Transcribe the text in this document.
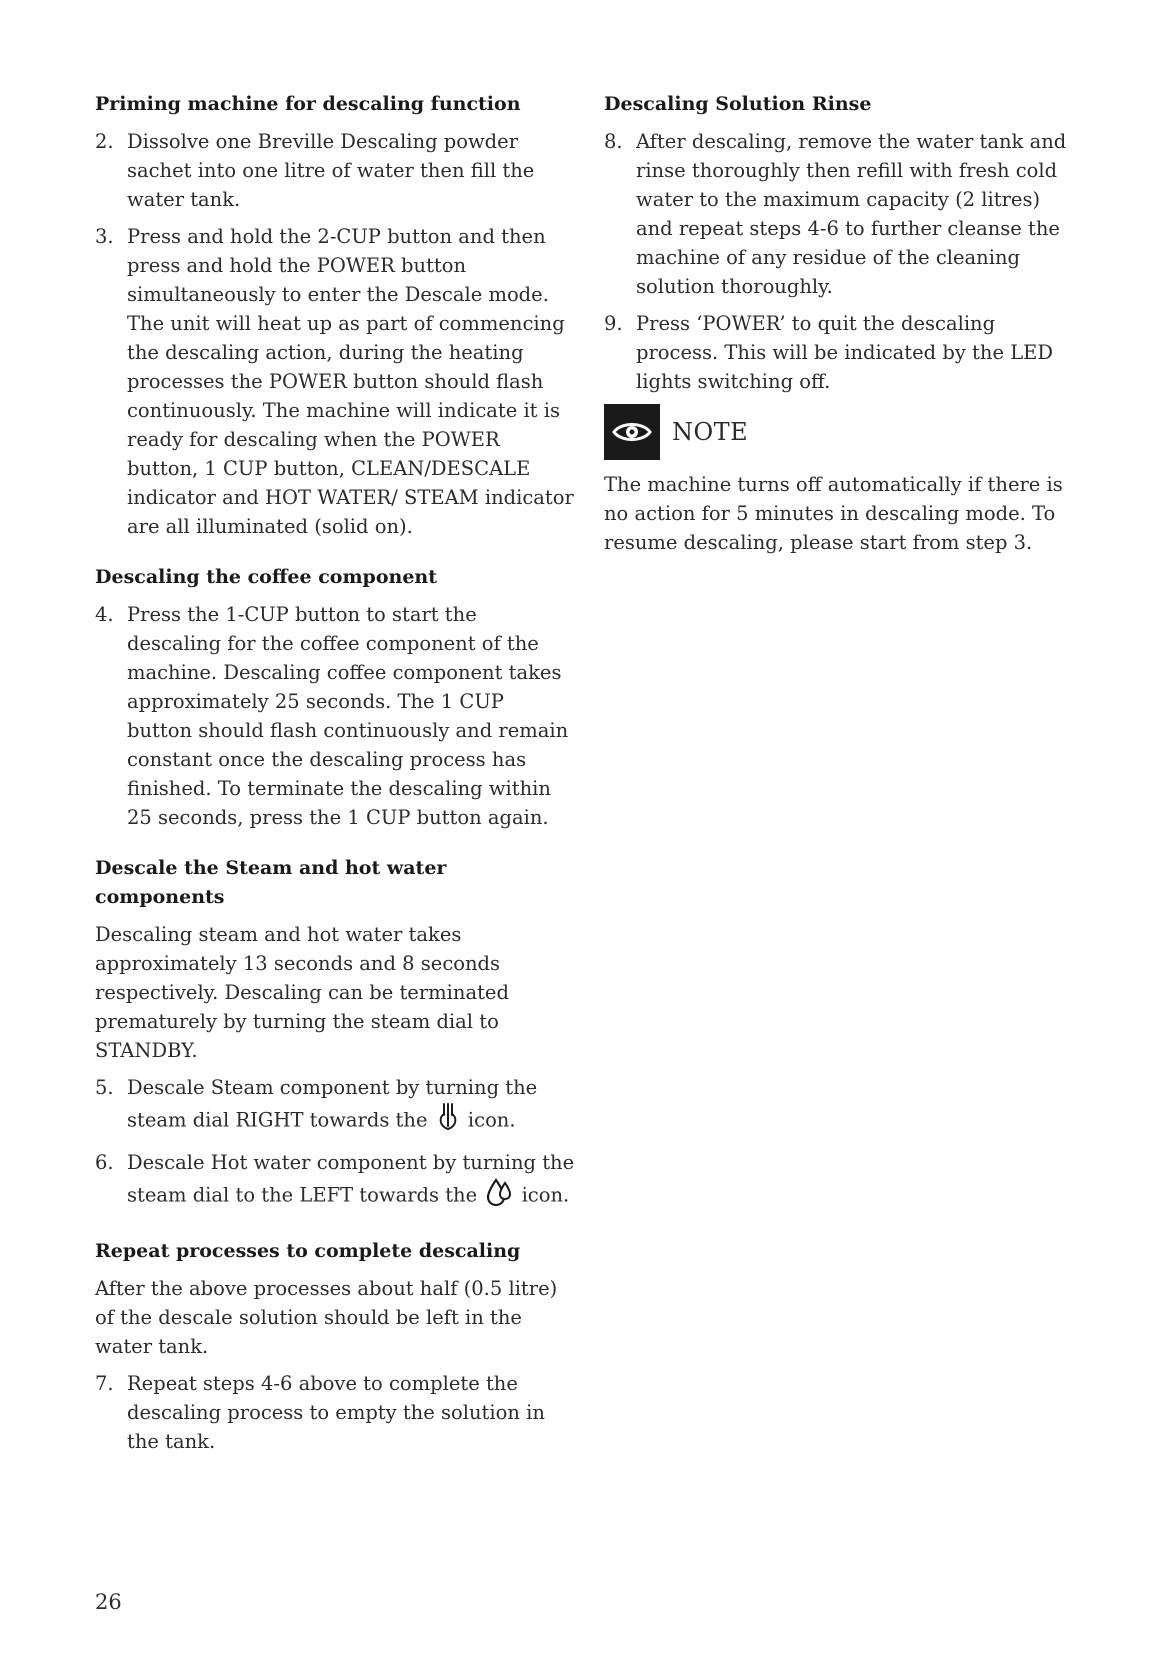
Priming machine for descaling function
2. Dissolve one Breville Descaling powder sachet into one litre of water then fill the water tank.
3. Press and hold the 2-CUP button and then press and hold the POWER button simultaneously to enter the Descale mode. The unit will heat up as part of commencing the descaling action, during the heating processes the POWER button should flash continuously. The machine will indicate it is ready for descaling when the POWER button, 1 CUP button, CLEAN/DESCALE indicator and HOT WATER/ STEAM indicator are all illuminated (solid on).
Descaling the coffee component
4. Press the 1-CUP button to start the descaling for the coffee component of the machine. Descaling coffee component takes approximately 25 seconds. The 1 CUP button should flash continuously and remain constant once the descaling process has finished. To terminate the descaling within 25 seconds, press the 1 CUP button again.
Descale the Steam and hot water components
Descaling steam and hot water takes approximately 13 seconds and 8 seconds respectively. Descaling can be terminated prematurely by turning the steam dial to STANDBY.
5. Descale Steam component by turning the steam dial RIGHT towards the icon.
6. Descale Hot water component by turning the steam dial to the LEFT towards the icon.
Repeat processes to complete descaling
After the above processes about half (0.5 litre) of the descale solution should be left in the water tank.
7. Repeat steps 4-6 above to complete the descaling process to empty the solution in the tank.
Descaling Solution Rinse
8. After descaling, remove the water tank and rinse thoroughly then refill with fresh cold water to the maximum capacity (2 litres) and repeat steps 4-6 to further cleanse the machine of any residue of the cleaning solution thoroughly.
9. Press ‘POWER’ to quit the descaling process. This will be indicated by the LED lights switching off.
NOTE
The machine turns off automatically if there is no action for 5 minutes in descaling mode. To resume descaling, please start from step 3.
26
